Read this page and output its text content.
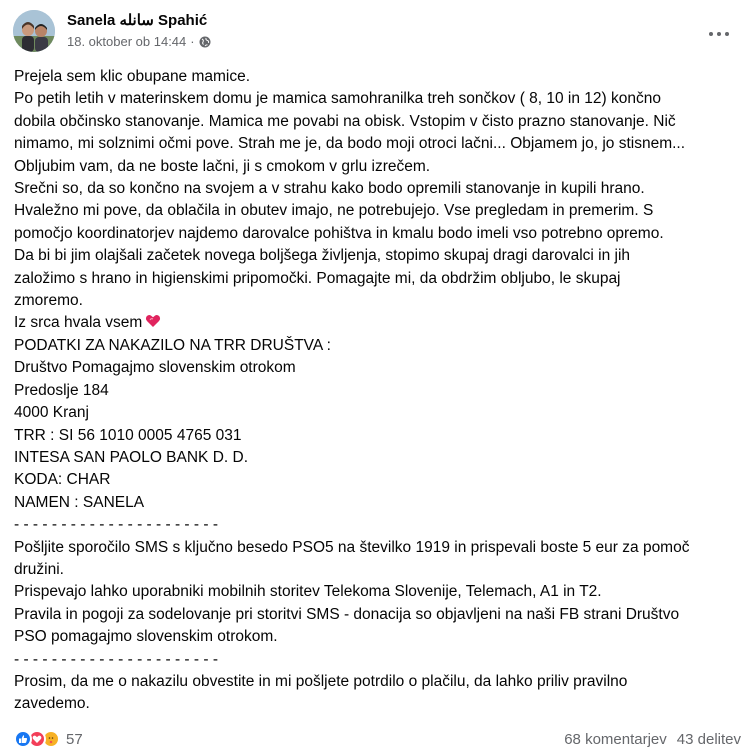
Sanela سانله Spahić
18. oktober ob 14:44 ·
Prejela sem klic obupane mamice.
Po petih letih v materinskem domu je mamica samohranilka treh sončkov ( 8, 10 in 12) končno
dobila občinsko stanovanje. Mamica me povabi na obisk. Vstopim v čisto prazno stanovanje. Nič
nimamo, mi solznimi očmi pove. Strah me je, da bodo moji otroci lačni... Objamem jo, jo stisnem...
Obljubim vam, da ne boste lačni, ji s cmokom v grlu izrečem.
Srečni so, da so končno na svojem a v strahu kako bodo opremili stanovanje in kupili hrano.
Hvaležno mi pove, da oblačila in obutev imajo, ne potrebujejo. Vse pregledam in premerim. S
pomočjo koordinatorjev najdemo darovalce pohištva in kmalu bodo imeli vso potrebno opremo.
Da bi bi jim olajšali začetek novega boljšega življenja, stopimo skupaj dragi darovalci in jih
založimo s hrano in higienskimi pripomočki. Pomagajte mi, da obdržim obljubo, le skupaj
zmoremo.
Iz srca hvala vsem
PODATKI ZA NAKAZILO NA TRR DRUŠTVA :
Društvo Pomagajmo slovenskim otrokom
Predoslje 184
4000 Kranj
TRR : SI 56 1010 0005 4765 031
INTESA SAN PAOLO BANK D. D.
KODA: CHAR
NAMEN : SANELA
- - - - - - - - - - - - - - - - - - - - - -
Pošljite sporočilo SMS s ključno besedo PSO5 na številko 1919 in prispevali boste 5 eur za pomoč
družini.
Prispevajo lahko uporabniki mobilnih storitev Telekoma Slovenije, Telemach, A1 in T2.
Pravila in pogoji za sodelovanje pri storitvi SMS - donacija so objavljeni na naši FB strani Društvo
PSO pomagajmo slovenskim otrokom.
- - - - - - - - - - - - - - - - - - - - - -
Prosim, da me o nakazilu obvestite in mi pošljete potrdilo o plačilu, da lahko priliv pravilno
zavedemo.
57	68 komentarjev 43 delitev
